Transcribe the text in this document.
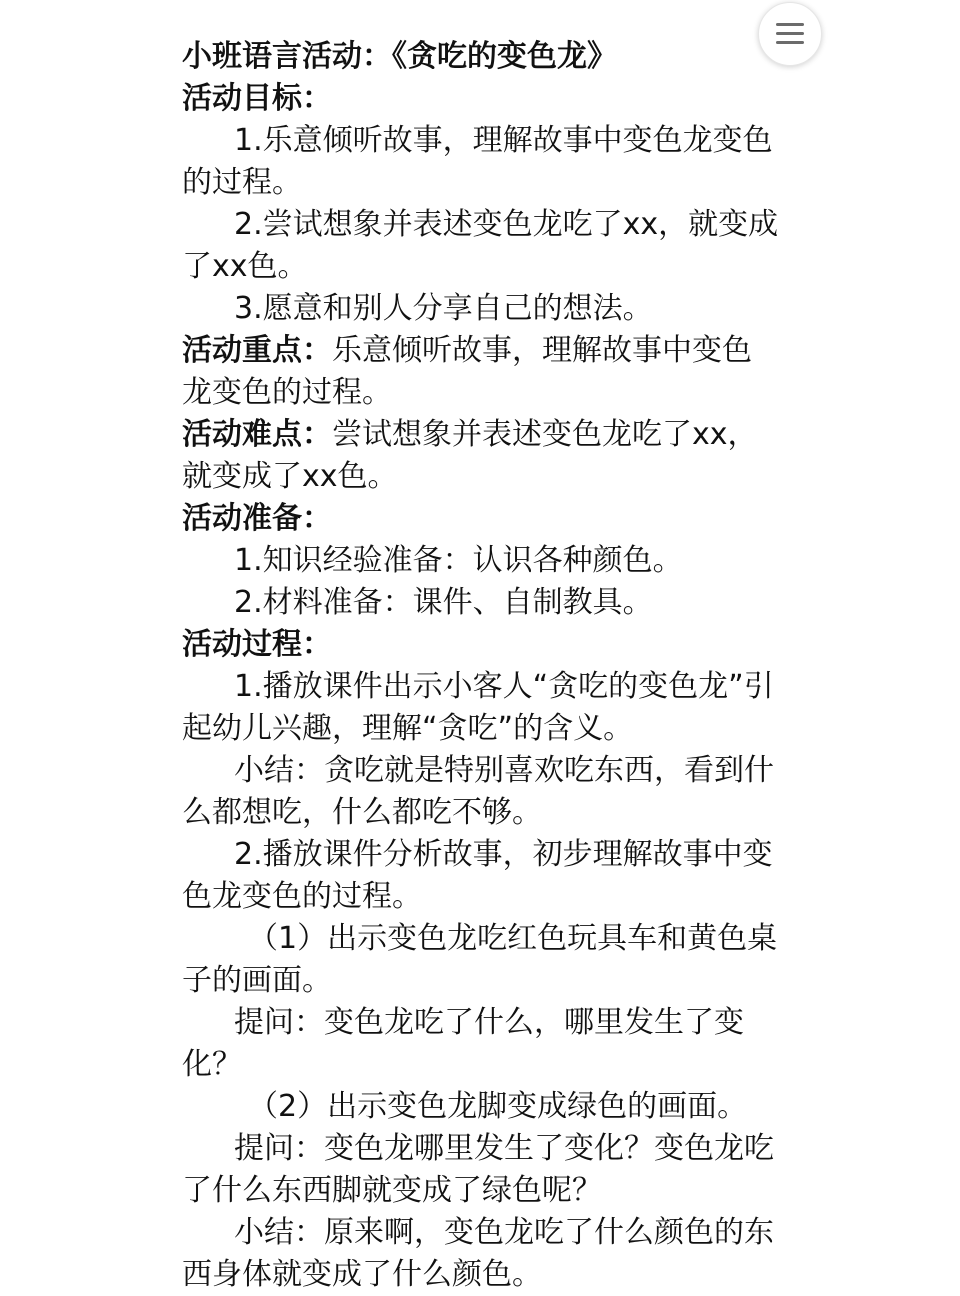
小班语言活动：《贪吃的变色龙》
活动目标：
1.乐意倾听故事，理解故事中变色龙变色
的过程。
2.尝试想象并表述变色龙吃了xx，就变成
了xx色。
3.愿意和别人分享自己的想法。
活动重点：乐意倾听故事，理解故事中变色
龙变色的过程。
活动难点：尝试想象并表述变色龙吃了xx，
就变成了xx色。
活动准备：
1.知识经验准备：认识各种颜色。
2.材料准备：课件、自制教具。
活动过程：
1.播放课件出示小客人“贪吃的变色龙”引
起幼儿兴趣，理解“贪吃”的含义。
小结：贪吃就是特别喜欢吃东西，看到什
么都想吃，什么都吃不够。
2.播放课件分析故事，初步理解故事中变
色龙变色的过程。
（1）出示变色龙吃红色玩具车和黄色桌
子的画面。
提问：变色龙吃了什么，哪里发生了变
化？
（2）出示变色龙脚变成绿色的画面。
提问：变色龙哪里发生了变化？变色龙吃
了什么东西脚就变成了绿色呢？
小结：原来啊，变色龙吃了什么颜色的东
西身体就变成了什么颜色。
